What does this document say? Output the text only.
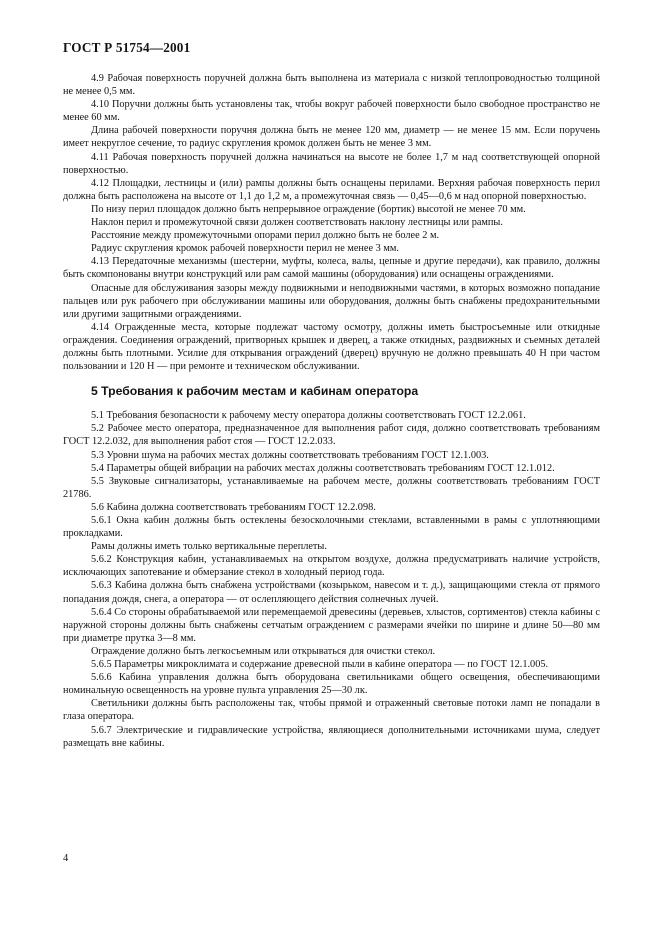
ГОСТ Р 51754—2001

4.9 Рабочая поверхность поручней должна быть выполнена из материала с низкой теплопроводностью толщиной не менее 0,5 мм.

4.10 Поручни должны быть установлены так, чтобы вокруг рабочей поверхности было свободное пространство не менее 60 мм.

Длина рабочей поверхности поручня должна быть не менее 120 мм, диаметр — не менее 15 мм. Если поручень имеет некруглое сечение, то радиус скругления кромок должен быть не менее 3 мм.

4.11 Рабочая поверхность поручней должна начинаться на высоте не более 1,7 м над соответствующей опорной поверхностью.

4.12 Площадки, лестницы и (или) рампы должны быть оснащены перилами. Верхняя рабочая поверхность перил должна быть расположена на высоте от 1,1 до 1,2 м, а промежуточная связь — 0,45—0,6 м над опорной поверхностью.

По низу перил площадок должно быть непрерывное ограждение (бортик) высотой не менее 70 мм.

Наклон перил и промежуточной связи должен соответствовать наклону лестницы или рампы.

Расстояние между промежуточными опорами перил должно быть не более 2 м.

Радиус скругления кромок рабочей поверхности перил не менее 3 мм.

4.13 Передаточные механизмы (шестерни, муфты, колеса, валы, цепные и другие передачи), как правило, должны быть скомпонованы внутри конструкций или рам самой машины (оборудования) или оснащены ограждениями.

Опасные для обслуживания зазоры между подвижными и неподвижными частями, в которых возможно попадание пальцев или рук рабочего при обслуживании машины или оборудования, должны быть снабжены предохранительными или другими защитными ограждениями.

4.14 Огражденные места, которые подлежат частому осмотру, должны иметь быстросъемные или откидные ограждения. Соединения ограждений, притворных крышек и дверец, а также откидных, раздвижных и съемных деталей должны быть плотными. Усилие для открывания ограждений (дверец) вручную не должно превышать 40 Н при частом пользовании и 120 Н — при ремонте и техническом обслуживании.

5 Требования к рабочим местам и кабинам оператора

5.1 Требования безопасности к рабочему месту оператора должны соответствовать ГОСТ 12.2.061.

5.2 Рабочее место оператора, предназначенное для выполнения работ сидя, должно соответствовать требованиям ГОСТ 12.2.032, для выполнения работ стоя — ГОСТ 12.2.033.

5.3 Уровни шума на рабочих местах должны соответствовать требованиям ГОСТ 12.1.003.

5.4 Параметры общей вибрации на рабочих местах должны соответствовать требованиям ГОСТ 12.1.012.

5.5 Звуковые сигнализаторы, устанавливаемые на рабочем месте, должны соответствовать требованиям ГОСТ 21786.

5.6 Кабина должна соответствовать требованиям ГОСТ 12.2.098.

5.6.1 Окна кабин должны быть остеклены безосколочными стеклами, вставленными в рамы с уплотняющими прокладками.

Рамы должны иметь только вертикальные переплеты.

5.6.2 Конструкция кабин, устанавливаемых на открытом воздухе, должна предусматривать наличие устройств, исключающих запотевание и обмерзание стекол в холодный период года.

5.6.3 Кабина должна быть снабжена устройствами (козырьком, навесом и т. д.), защищающими стекла от прямого попадания дождя, снега, а оператора — от ослепляющего действия солнечных лучей.

5.6.4 Со стороны обрабатываемой или перемещаемой древесины (деревьев, хлыстов, сортиментов) стекла кабины с наружной стороны должны быть снабжены сетчатым ограждением с размерами ячейки по ширине и длине 50—80 мм при диаметре прутка 3—8 мм.

Ограждение должно быть легкосъемным или открываться для очистки стекол.

5.6.5 Параметры микроклимата и содержание древесной пыли в кабине оператора — по ГОСТ 12.1.005.

5.6.6 Кабина управления должна быть оборудована светильниками общего освещения, обеспечивающими номинальную освещенность на уровне пульта управления 25—30 лк.

Светильники должны быть расположены так, чтобы прямой и отраженный световые потоки ламп не попадали в глаза оператора.

5.6.7 Электрические и гидравлические устройства, являющиеся дополнительными источниками шума, следует размещать вне кабины.

4
